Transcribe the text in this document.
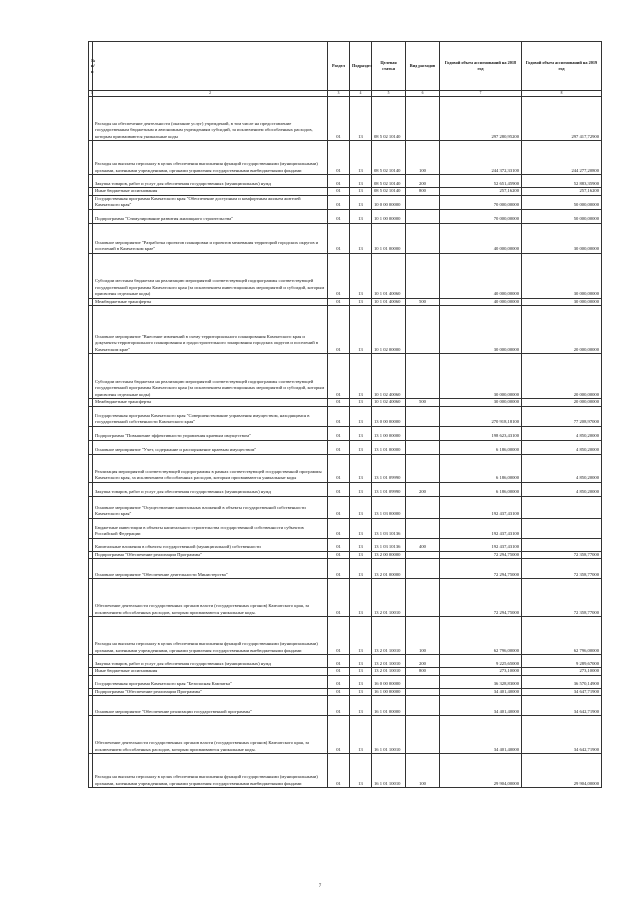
№ п/п		Раздел	Подраздел	Целевая статья	Вид расходов	Годовой объем ассигнований на 2018 год	Годовой объем ассигнований на 2019 год
1	2	3	4	5	6	7	8
	Расходы на обеспечение деятельности (оказание услуг) учреждений, в том числе на предоставление государственным бюджетным и автономным учреждениям субсидий, за исключением обособленных расходов, которым присваиваются уникальные коды	01	13	08 5 02 10140		297 280,95200	297 417,72900
	Расходы на выплаты персоналу в целях обеспечения выполнения функций государственными (муниципальными) органами, казенными учреждениями, органами управления государственными внебюджетными фондами	01	13	08 5 02 10140	100	244 372,33100	244 277,20800
	Закупка товаров, работ и услуг для обеспечения государственных (муниципальных) нужд	01	13	08 5 02 10140	200	52 651,45900	52 883,35900
	Иные бюджетные ассигнования	01	13	08 5 02 10140	800	257,16200	257,16200
	Государственная программа Камчатского края "Обеспечение доступным и комфортным жильем жителей Камчатского края"	01	13	10 0 00 00000		70 000,00000	50 000,00000
	Подпрограмма "Стимулирование развития жилищного строительства"	01	13	10 1 00 00000		70 000,00000	50 000,00000
	Основное мероприятие "Разработка проектов планировки и проектов межевания территорий городских округов и поселений в Камчатском крае"	01	13	10 1 01 00000		40 000,00000	30 000,00000
	Субсидии местным бюджетам на реализацию мероприятий соответствующей подпрограммы соответствующей государственной программы Камчатского края (за исключением инвестиционных мероприятий и субсидий, которым присвоены отдельные коды)	01	13	10 1 01 40060		40 000,00000	30 000,00000
	Межбюджетные трансферты	01	13	10 1 01 40060	500	40 000,00000	30 000,00000
	Основное мероприятие "Внесение изменений в схему территориального планирования Камчатского края и документы территориального планирования и градостроительного зонирования городских округов и поселений в Камчатском крае"	01	13	10 1 02 00000		30 000,00000	20 000,00000
	Субсидии местным бюджетам на реализацию мероприятий соответствующей подпрограммы соответствующей государственной программы Камчатского края (за исключением инвестиционных мероприятий и субсидий, которым присвоены отдельные коды)	01	13	10 1 02 40060		30 000,00000	20 000,00000
	Межбюджетные трансферты	01	13	10 1 02 40060	500	30 000,00000	20 000,00000
	Государственная программа Камчатского края "Совершенствование управления имуществом, находящимся в государственной собственности Камчатского края"	01	13	13 0 00 00000		270 918,18100	77 208,97000
	Подпрограмма "Повышение эффективности управления краевым имуществом"	01	13	13 1 00 00000		198 623,43100	4 850,20000
	Основное мероприятие "Учет, содержание и распоряжение краевым имуществом"	01	13	13 1 01 00000		6 186,00000	4 850,20000
	Реализация мероприятий соответствующей подпрограммы в рамках соответствующей государственной программы Камчатского края, за исключением обособленных расходов, которым присваиваются уникальные коды	01	13	13 1 01 09990		6 186,00000	4 850,20000
	Закупка товаров, работ и услуг для обеспечения государственных (муниципальных) нужд	01	13	13 1 01 09990	200	6 186,00000	4 850,20000
	Основное мероприятие "Осуществление капитальных вложений в объекты государственной собственности Камчатского края"	01	13	13 1 03 00000		192 437,43100	
	Бюджетные инвестиции в объекты капитального строительства государственной собственности субъектов Российской Федерации	01	13	13 1 03 10136		192 437,43100	
	Капитальные вложения в объекты государственной (муниципальной) собственности	01	13	13 1 03 10136	400	192 437,43100	
	Подпрограмма "Обеспечение реализации Программы"	01	13	13 2 00 00000		72 294,75000	72 358,77000
	Основное мероприятие "Обеспечение деятельности Министерства"	01	13	13 2 01 00000		72 294,75000	72 358,77000
	Обеспечение деятельности государственных органов власти (государственных органов) Камчатского края, за исключением обособленных расходов, которым присваиваются уникальные коды.	01	13	13 2 01 10010		72 294,75000	72 358,77000
	Расходы на выплаты персоналу в целях обеспечения выполнения функций государственными (муниципальными) органами, казенными учреждениями, органами управления государственными внебюджетными фондами	01	13	13 2 01 10010	100	62 796,00000	62 796,00000
	Закупка товаров, работ и услуг для обеспечения государственных (муниципальных) нужд	01	13	13 2 01 10010	200	9 225,65000	9 289,67000
	Иные бюджетные ассигнования	01	13	13 2 01 10010	800	273,10000	273,10000
	Государственная программа Камчатского края "Безопасная Камчатка"	01	13	16 0 00 00000		36 328,83000	36 570,14900
	Подпрограмма "Обеспечение реализации Программы"	01	13	16 1 00 00000		34 401,40000	34 647,71900
	Основное мероприятие "Обеспечение реализации государственной программы"	01	13	16 1 01 00000		34 401,40000	34 642,71900
	Обеспечение деятельности государственных органов власти (государственных органов) Камчатского края, за исключением обособленных расходов, которым присваиваются уникальные коды.	01	13	16 1 01 10010		34 401,40000	34 642,71900
	Расходы на выплаты персоналу в целях обеспечения выполнения функций государственными (муниципальными) органами, казенными учреждениями, органами управления государственными внебюджетными фондами	01	13	16 1 01 10010	100	29 904,00000	29 904,00000
7
